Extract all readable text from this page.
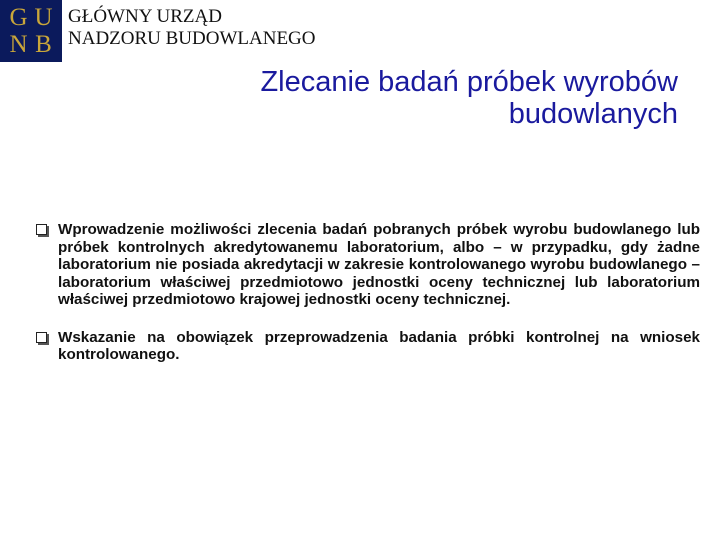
G U
N B
GŁÓWNY URZĄD
NADZORU BUDOWLANEGO
Zlecanie badań próbek wyrobów
budowlanych
Wprowadzenie możliwości zlecenia badań pobranych próbek wyrobu budowlanego lub próbek kontrolnych akredytowanemu laboratorium, albo – w przypadku, gdy żadne laboratorium nie posiada akredytacji w zakresie kontrolowanego wyrobu budowlanego – laboratorium właściwej przedmiotowo jednostki oceny technicznej lub laboratorium właściwej przedmiotowo krajowej jednostki oceny technicznej.
Wskazanie na obowiązek przeprowadzenia badania próbki kontrolnej na wniosek kontrolowanego.
